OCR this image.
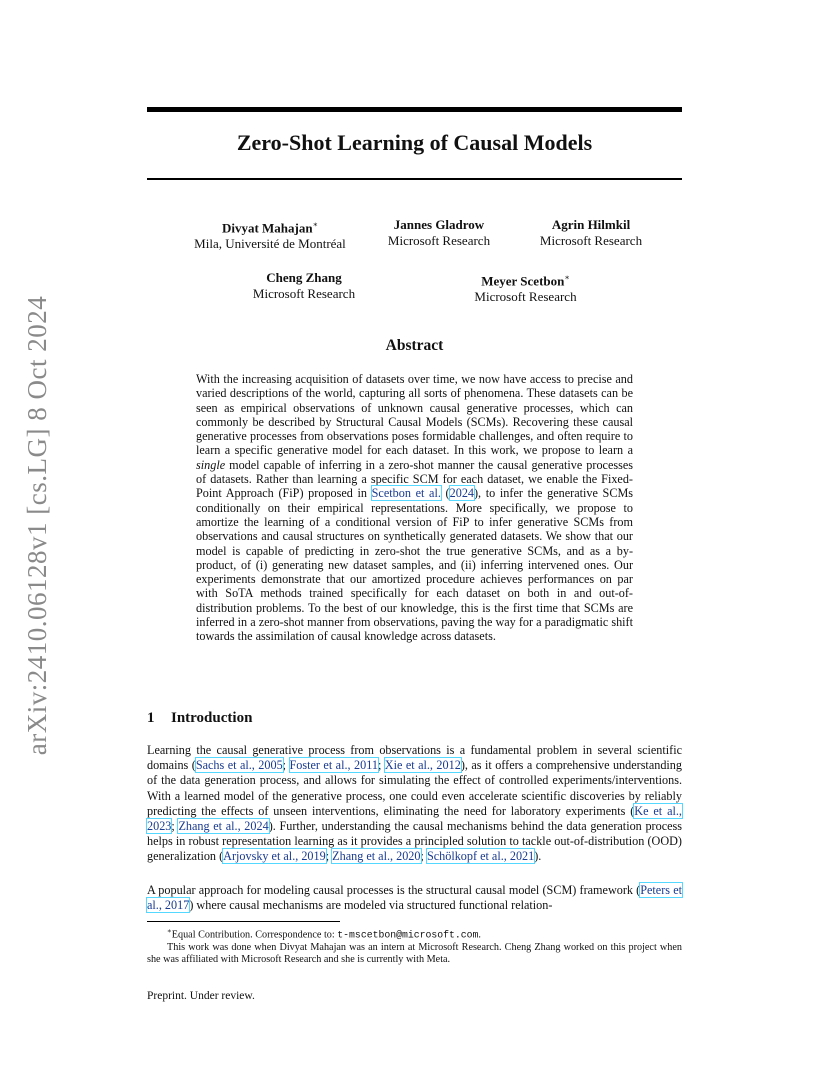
arXiv:2410.06128v1 [cs.LG] 8 Oct 2024
Zero-Shot Learning of Causal Models
Divyat Mahajan∗
Mila, Université de Montréal
Jannes Gladrow
Microsoft Research
Agrin Hilmkil
Microsoft Research
Cheng Zhang
Microsoft Research
Meyer Scetbon∗
Microsoft Research
Abstract

With the increasing acquisition of datasets over time, we now have access to precise and varied descriptions of the world, capturing all sorts of phenomena. These datasets can be seen as empirical observations of unknown causal generative processes, which can commonly be described by Structural Causal Models (SCMs). Recovering these causal generative processes from observations poses formidable challenges, and often require to learn a specific generative model for each dataset. In this work, we propose to learn a single model capable of inferring in a zero-shot manner the causal generative processes of datasets. Rather than learning a specific SCM for each dataset, we enable the Fixed-Point Approach (FiP) proposed in Scetbon et al. (2024), to infer the generative SCMs conditionally on their empirical representations. More specifically, we propose to amortize the learning of a conditional version of FiP to infer generative SCMs from observations and causal structures on synthetically generated datasets. We show that our model is capable of predicting in zero-shot the true generative SCMs, and as a by-product, of (i) generating new dataset samples, and (ii) inferring intervened ones. Our experiments demonstrate that our amortized procedure achieves performances on par with SoTA methods trained specifically for each dataset on both in and out-of-distribution problems. To the best of our knowledge, this is the first time that SCMs are inferred in a zero-shot manner from observations, paving the way for a paradigmatic shift towards the assimilation of causal knowledge across datasets.

1 Introduction

Learning the causal generative process from observations is a fundamental problem in several scientific domains (Sachs et al., 2005; Foster et al., 2011; Xie et al., 2012), as it offers a comprehensive understanding of the data generation process, and allows for simulating the effect of controlled experiments/interventions. With a learned model of the generative process, one could even accelerate scientific discoveries by reliably predicting the effects of unseen interventions, eliminating the need for laboratory experiments (Ke et al., 2023; Zhang et al., 2024). Further, understanding the causal mechanisms behind the data generation process helps in robust representation learning as it provides a principled solution to tackle out-of-distribution (OOD) generalization (Arjovsky et al., 2019; Zhang et al., 2020; Schölkopf et al., 2021).

A popular approach for modeling causal processes is the structural causal model (SCM) framework (Peters et al., 2017) where causal mechanisms are modeled via structured functional relation-

∗Equal Contribution. Correspondence to: t-mscetbon@microsoft.com.

This work was done when Divyat Mahajan was an intern at Microsoft Research. Cheng Zhang worked on this project when she was affiliated with Microsoft Research and she is currently with Meta.

Preprint. Under review.
